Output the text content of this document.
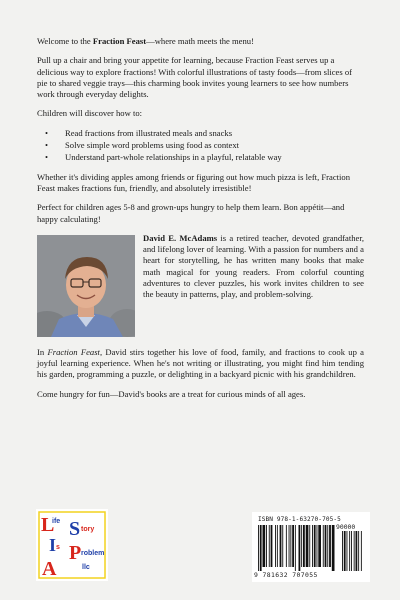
Welcome to the Fraction Feast—where math meets the menu!

Pull up a chair and bring your appetite for learning, because Fraction Feast serves up a delicious way to explore fractions! With colorful illustrations of tasty foods—from slices of pie to shared veggie trays—this charming book invites young learners to see how numbers work through everyday delights.

Children will discover how to:

• Read fractions from illustrated meals and snacks
• Solve simple word problems using food as context
• Understand part-whole relationships in a playful, relatable way

Whether it's dividing apples among friends or figuring out how much pizza is left, Fraction Feast makes fractions fun, friendly, and absolutely irresistible!

Perfect for children ages 5-8 and grown-ups hungry to help them learn. Bon appétit—and happy calculating!

David E. McAdams is a retired teacher, devoted grandfather, and lifelong lover of learning. With a passion for numbers and a heart for storytelling, he has written many books that make math magical for young readers. From colorful counting adventures to clever puzzles, his work invites children to see the beauty in patterns, play, and problem-solving.

In Fraction Feast, David stirs together his love of food, family, and fractions to cook up a joyful learning experience. When he's not writing or illustrating, you might find him tending his garden, programming a puzzle, or delighting in a backyard picnic with his grandchildren.

Come hungry for fun—David's books are a treat for curious minds of all ages.

L S
I P
A
ife
tory
s
roblem
llc
ISBN 978-1-63270-705-5
9 781632 707055
90000
